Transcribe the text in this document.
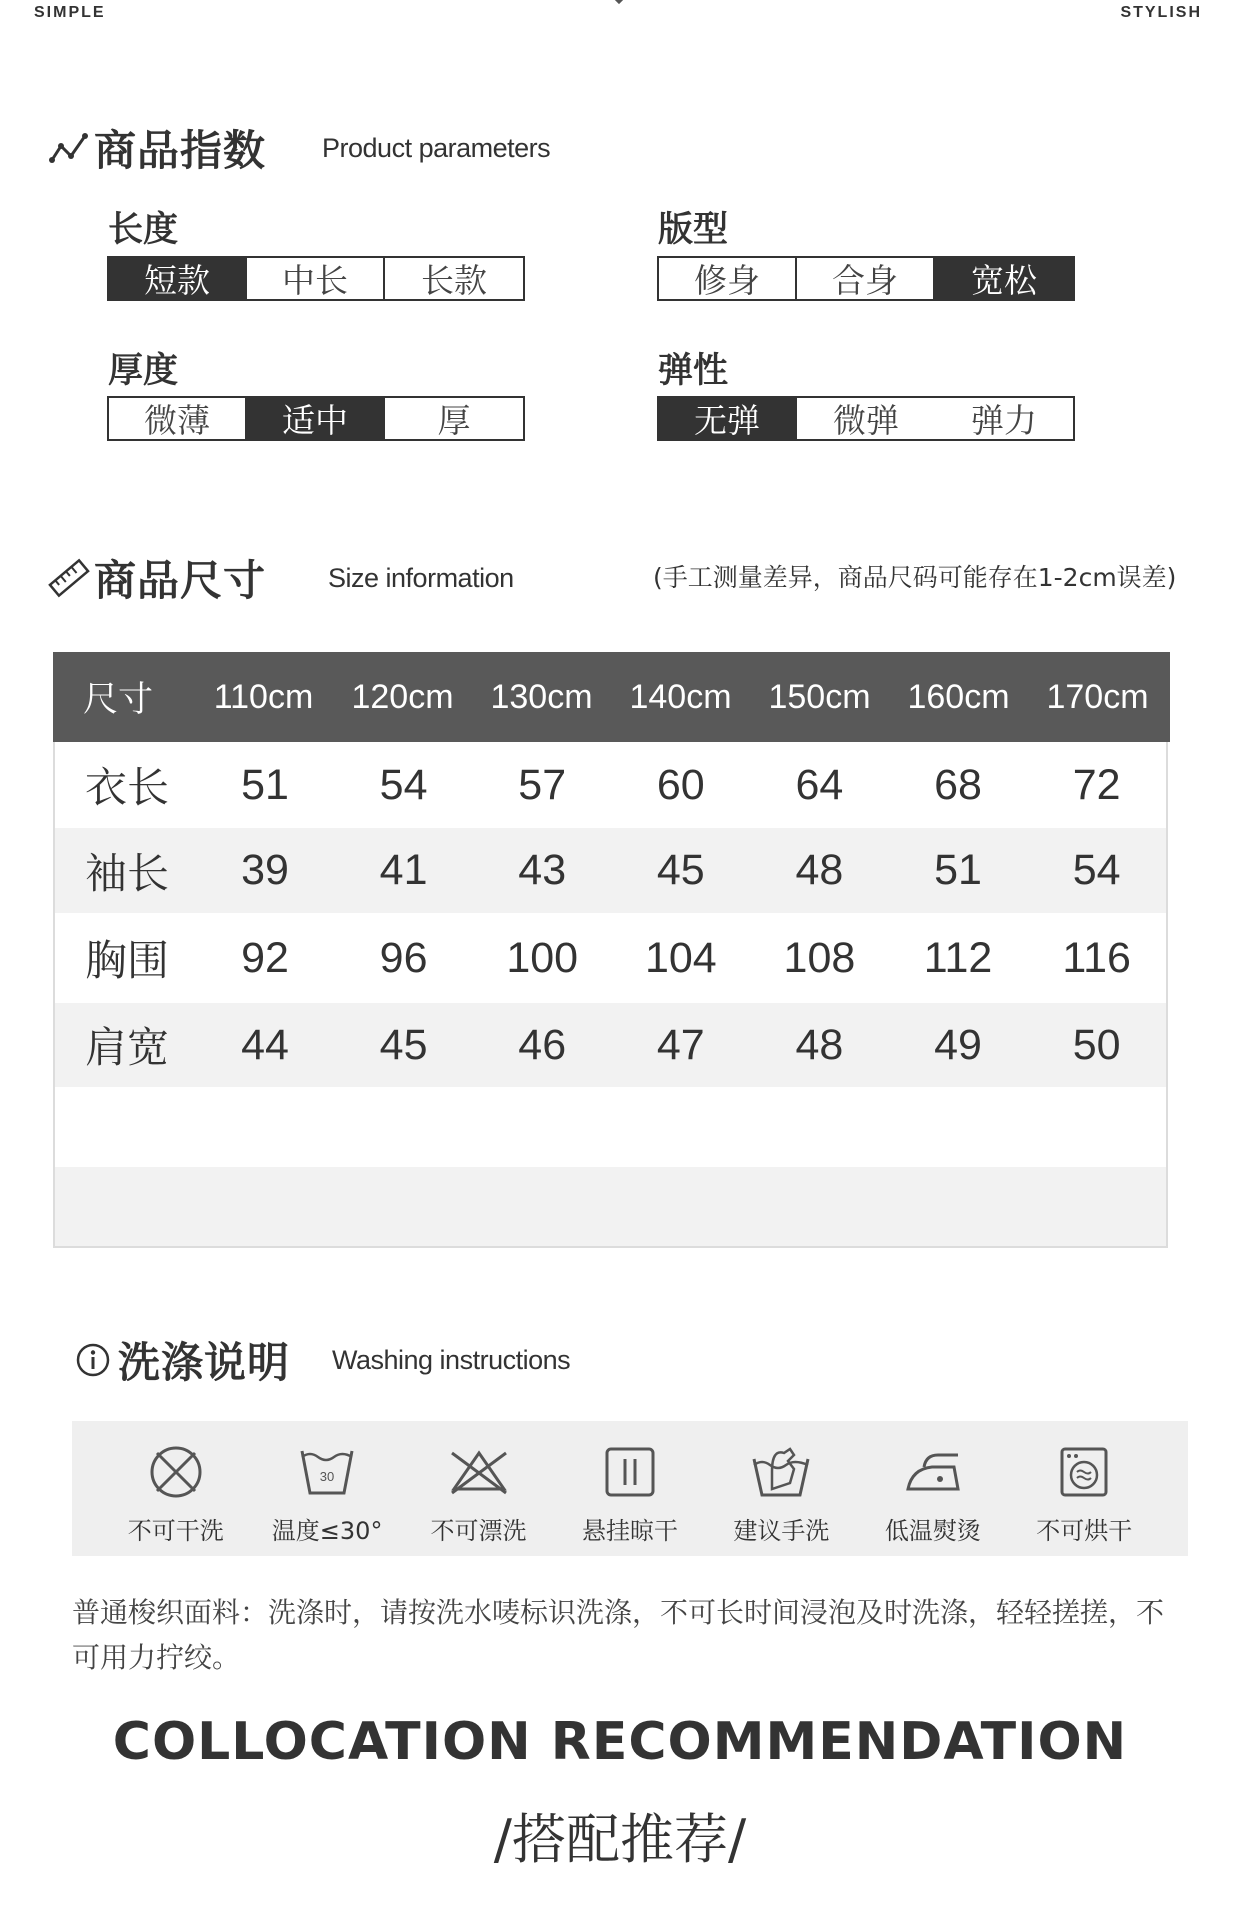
SIMPLE	STYLISH
商品指数 Product parameters
长度
短款	中长	长款
版型
修身	合身	宽松
厚度
微薄	适中	厚
弹性
无弹	微弹	弹力
商品尺寸 Size information	(手工测量差异，商品尺码可能存在1-2cm误差)
尺寸	110cm	120cm	130cm	140cm	150cm	160cm	170cm
衣长	51	54	57	60	64	68	72
袖长	39	41	43	45	48	51	54
胸围	92	96	100	104	108	112	116
肩宽	44	45	46	47	48	49	50
洗涤说明 Washing instructions
不可干洗
30
温度≤30° 不可漂洗 悬挂晾干 建议手洗 低温熨烫 不可烘干
普通梭织面料：洗涤时，请按洗水唛标识洗涤，不可长时间浸泡及时洗涤，轻轻搓搓，不可用力拧绞。
COLLOCATION RECOMMENDATION
/搭配推荐/
